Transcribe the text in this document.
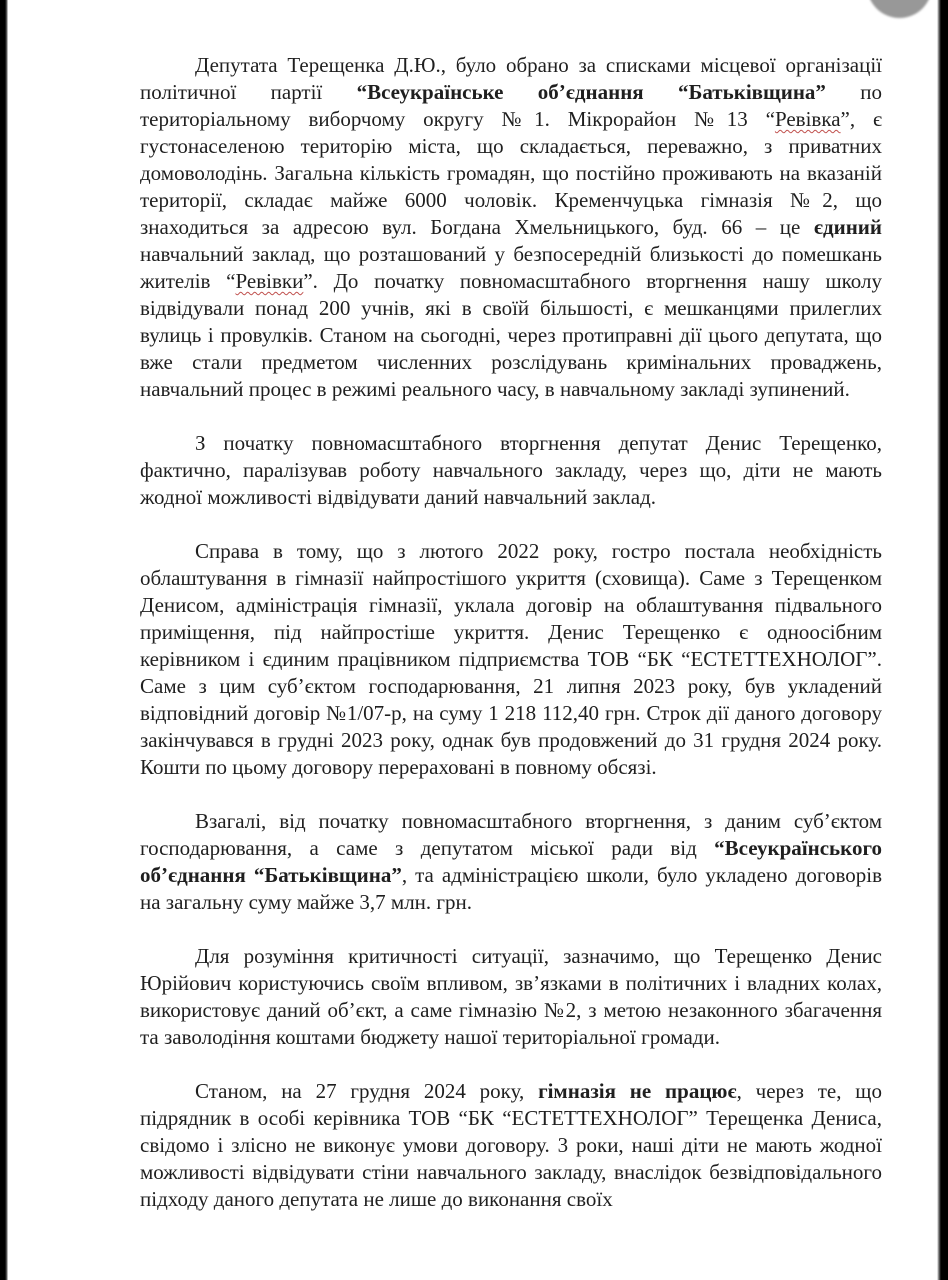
Депутата Терещенка Д.Ю., було обрано за списками місцевої організації політичної партії “Всеукраїнське об’єднання “Батьківщина” по територіальному виборчому округу №1. Мікрорайон №13 “Ревівка”, є густонаселеною територію міста, що складається, переважно, з приватних домоволодінь. Загальна кількість громадян, що постійно проживають на вказаній території, складає майже 6000 чоловік. Кременчуцька гімназія №2, що знаходиться за адресою вул. Богдана Хмельницького, буд. 66 – це єдиний навчальний заклад, що розташований у безпосередній близькості до помешкань жителів “Ревівки”. До початку повномасштабного вторгнення нашу школу відвідували понад 200 учнів, які в своїй більшості, є мешканцями прилеглих вулиць і провулків. Станом на сьогодні, через протиправні дії цього депутата, що вже стали предметом численних розслідувань кримінальних проваджень, навчальний процес в режимі реального часу, в навчальному закладі зупинений.

З початку повномасштабного вторгнення депутат Денис Терещенко, фактично, паралізував роботу навчального закладу, через що, діти не мають жодної можливості відвідувати даний навчальний заклад.

Справа в тому, що з лютого 2022 року, гостро постала необхідність облаштування в гімназії найпростішого укриття (сховища). Саме з Терещенком Денисом, адміністрація гімназії, уклала договір на облаштування підвального приміщення, під найпростіше укриття. Денис Терещенко є одноосібним керівником і єдиним працівником підприємства ТОВ “БК “ЕСТЕТТЕХНОЛОГ”. Саме з цим суб’єктом господарювання, 21 липня 2023 року, був укладений відповідний договір №1/07-р, на суму 1 218 112,40 грн. Строк дії даного договору закінчувався в грудні 2023 року, однак був продовжений до 31 грудня 2024 року. Кошти по цьому договору перераховані в повному обсязі.

Взагалі, від початку повномасштабного вторгнення, з даним суб’єктом господарювання, а саме з депутатом міської ради від “Всеукраїнського об’єднання “Батьківщина”, та адміністрацією школи, було укладено договорів на загальну суму майже 3,7 млн. грн.

Для розуміння критичності ситуації, зазначимо, що Терещенко Денис Юрійович користуючись своїм впливом, зв’язками в політичних і владних колах, використовує даний об’єкт, а саме гімназію №2, з метою незаконного збагачення та заволодіння коштами бюджету нашої територіальної громади.

Станом, на 27 грудня 2024 року, гімназія не працює, через те, що підрядник в особі керівника ТОВ “БК “ЕСТЕТТЕХНОЛОГ” Терещенка Дениса, свідомо і злісно не виконує умови договору. 3 роки, наші діти не мають жодної можливості відвідувати стіни навчального закладу, внаслідок безвідповідального підходу даного депутата не лише до виконання своїх
